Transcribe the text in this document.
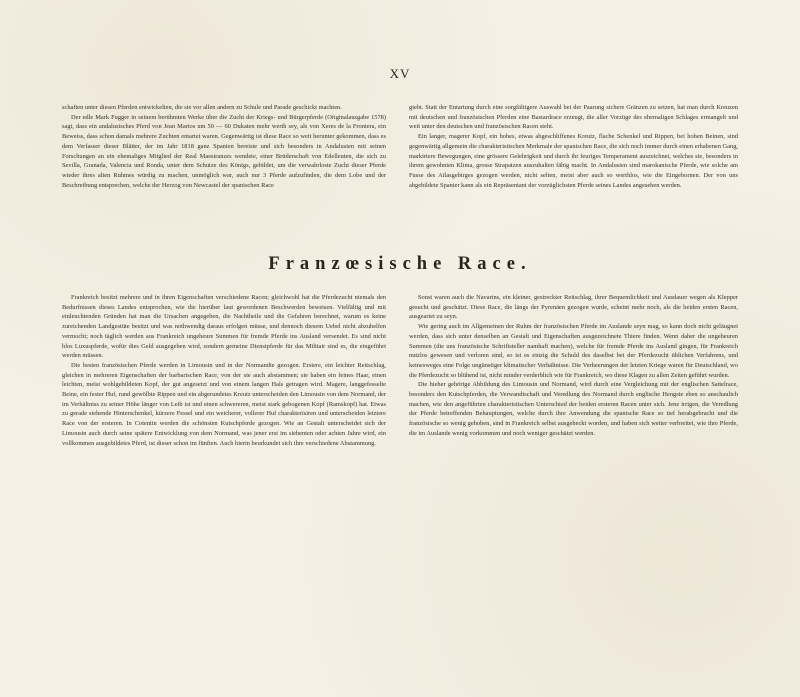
XV

schaften unter diesen Pferden entwickelten, die sie vor allen andern zu Schule und Parade geschickt machten.

Der edle Mark Fugger in seinem berühmten Werke über die Zucht der Kriegs- und Bürgerpferde (Originalausgabe 1578) sagt, dass ein andalusisches Pferd von Jean Martos um 50 — 60 Dukaten mehr werth sey, als von Xeres de la Frontera, ein Beweiss, dass schon damals mehrere Zuchten entartet waren. Gegenwärtig ist diese Race so weit herunter gekommen, dass es dem Verfasser dieser Blätter, der im Jahr 1818 ganz Spanien bereiste und sich besonders in Andalusien mit seinen Forschungen an ein ehemaliges Mitglied der Real Maestranzes wendete, einer Brüderschaft von Edelleuten, die sich zu Sevilla, Granada, Valencia und Ronda, unter dem Schutze des Königs, gebildet, um die verwahrloste Zucht dieser Pferde wieder ihres alten Ruhmes würdig zu machen, unmöglich war, auch nur 3 Pferde aufzufinden, die dem Lobe und der Beschreibung entsprechen, welche der Herzog von Newcastel der spanischen Race

giebt. Statt der Entartung durch eine sorgfältigere Auswahl bei der Paarung sichere Gränzen zu setzen, hat man durch Kreuzen mit deutschen und französischen Pferden eine Bastardrace erzeugt, die aller Vorzüge des ehemaligen Schlages ermangelt und weit unter den deutschen und französischen Racen steht.

Ein langer, magerer Kopf, ein hohes, etwas abgeschliffenes Kreutz, flache Schenkel und Rippen, bei hohen Beinen, sind gegenwärtig allgemein die charakteristischen Merkmale der spanischen Race, die sich noch immer durch einen erhabenen Gang, markirtere Bewegungen, eine grössere Gelehrigkeit und durch ihr feuriges Temperament auszeichnet, welches sie, besonders in ihrem gewohnten Klima, grosse Strapatzen auszuhalten fähig macht. In Andalusien sind marokanische Pferde, wie solche am Fusse des Atlasgebirges gezogen werden, nicht selten, meist aber auch so werthlos, wie die Eingebornen. Der von uns abgebildete Spanier kann als ein Repräsentant der vorzüglichsten Pferde seines Landes angesehen werden.

Franzœsische Race.

Frankreich besitzt mehrere und in ihren Eigenschaften verschiedene Racen; gleichwohl hat die Pferdezucht niemals den Bedurfnissen dieses Landes entsprochen, wie die hierüber laut gewordenen Beschwerden beweisen. Vielfältig und mit einleuchtenden Gründen hat man die Ursachen angegeben, die Nachtheile und die Gefahren berechnet, warum es keine zureichenden Landgestüte besitzt und was nothwendig daraus erfolgen müsse, und dennoch diesem Uebel nicht abzuhelfen vermocht; noch täglich werden aus Frankreich ungeheure Summen für fremde Pferde ins Ausland versendet. Es sind nicht blos Luxuspferde, wofür dies Geld ausgegeben wird, sondern gemeine Dienstpferde für das Militair sind es, die eingeführt werden müssen.

Die besten französischen Pferde werden in Limousin und in der Normandie gezogen. Erstere, ein leichter Reitschlag, gleichen in mehreren Eigenschaften der barbarischen Race, von der sie auch abstammen; sie haben ein feines Haar, einen leichten, meist wohlgebildeten Kopf, der gut angesetzt und von einem langen Hals getragen wird. Magere, langgefesselte Beine, ein fester Huf, rund gewölbte Rippen und ein abgerundetes Kreutz unterscheiden den Limousin von dem Normand, der im Verhältniss zu seiner Höhe länger von Leib ist und einen schwereren, meist stark gebogenen Kopf (Ramskopf) hat. Etwas zu gerade stehende Hinterschenkel, kürzere Fessel und ein weicherer, vollerer Huf charakterisiren und unterscheiden letztere Race von der ersteren. In Cotentin werden die schönsten Kutschpferde gezogen. Wie an Gestalt unterscheidet sich der Limousin auch durch seine spätere Entwicklung von dem Normand, was jener erst im siebenten oder achten Jahre wird, ein vollkommen ausgebildetes Pferd, ist dieser schon im fünften. Auch hierin beurkundet sich ihre verschiedene Abstammung.

Sonst waren auch die Navarins, ein kleiner, gestreckter Reitschlag, ihrer Bequemlichkeit und Ausdauer wegen als Klepper gesucht und geschätzt. Diese Race, die längs der Pyrenäen gezogen wurde, scheint mehr noch, als die beiden ersten Racen, ausgeartet zu seyn.

Wie gering auch im Allgemeinen der Ruhm der französischen Pferde im Auslande seyn mag, so kann doch nicht geläugnet werden, dass sich unter denselben an Gestalt und Eigenschaften ausgezeichnete Thiere finden. Wenn daher die ungeheuren Summen (die uns französische Schriftsteller namhaft machen), welche für fremde Pferde ins Ausland gingen, für Frankreich nutzlos gewesen und verloren sind, so ist es einzig die Schuld des daselbst bei der Pferdezucht üblichen Verfahrens, und keinesweges eine Folge ungünstiger klimatischer Verhältnisse. Die Verheerungen der letzten Kriege waren für Deutschland, wo die Pferdezucht so blühend ist, nicht minder verderblich wie für Frankreich, wo diese Klagen zu allen Zeiten geführt wurden.

Die hieher gehörige Abbildung des Limousin und Normand, wird durch eine Vergleichung mit der englischen Sattelrace, besonders den Kutschpferden, die Verwandtschaft und Veredlung des Normand durch englische Hengste eben so anschaulich machen, wie den angeführten charakteristischen Unterschied der beiden ersteren Racen unter sich. Jene irrigen, die Veredlung der Pferde betreffenden Behauptungen, welche durch ihre Anwendung die spanische Race so tief herabgebracht und die französische so wenig gehoben, sind in Frankreich selbst ausgeheckt worden, und haben sich weiter verbreitet, wie ihre Pferde, die im Auslande wenig vorkommen und noch weniger geschätzt werden.
